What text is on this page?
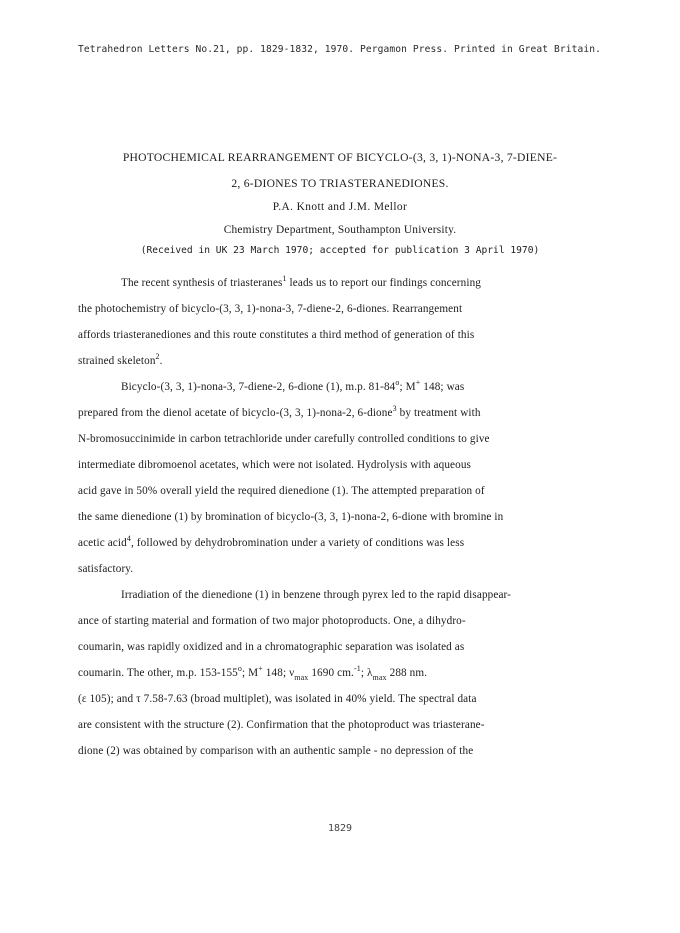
Tetrahedron Letters No.21, pp. 1829-1832, 1970. Pergamon Press. Printed in Great Britain.
PHOTOCHEMICAL REARRANGEMENT OF BICYCLO-(3, 3, 1)-NONA-3, 7-DIENE-
2, 6-DIONES TO TRIASTERANEDIONES.
P.A. Knott and J.M. Mellor
Chemistry Department, Southampton University.
(Received in UK 23 March 1970; accepted for publication 3 April 1970)
The recent synthesis of triasteranes$^1$ leads us to report our findings concerning
the photochemistry of bicyclo-(3, 3, 1)-nona-3, 7-diene-2, 6-diones. Rearrangement
affords triasteranediones and this route constitutes a third method of generation of this
strained skeleton$^2$.
Bicyclo-(3, 3, 1)-nona-3, 7-diene-2, 6-dione (1), m.p. 81-84$^o$; M+ 148; was
prepared from the dienol acetate of bicyclo-(3, 3, 1)-nona-2, 6-dione$^3$ by treatment with
N-bromosuccinimide in carbon tetrachloride under carefully controlled conditions to give
intermediate dibromoenol acetates, which were not isolated. Hydrolysis with aqueous
acid gave in 50% overall yield the required dienedione (1). The attempted preparation of
the same dienedione (1) by bromination of bicyclo-(3, 3, 1)-nona-2, 6-dione with bromine in
acetic acid$^4$, followed by dehydrobromination under a variety of conditions was less
satisfactory.
Irradiation of the dienedione (1) in benzene through pyrex led to the rapid disappear-
ance of starting material and formation of two major photoproducts. One, a dihydro-
coumarin, was rapidly oxidized and in a chromatographic separation was isolated as
coumarin. The other, m.p. 153-155$^o$; M+ 148; $\nu_{max}$ 1690 cm.$^{-1}$; $\lambda_{max}$ 288 nm.
(ε 105); and τ 7.58-7.63 (broad multiplet), was isolated in 40% yield. The spectral data
are consistent with the structure (2). Confirmation that the photoproduct was triasterane-
dione (2) was obtained by comparison with an authentic sample - no depression of the
1829
